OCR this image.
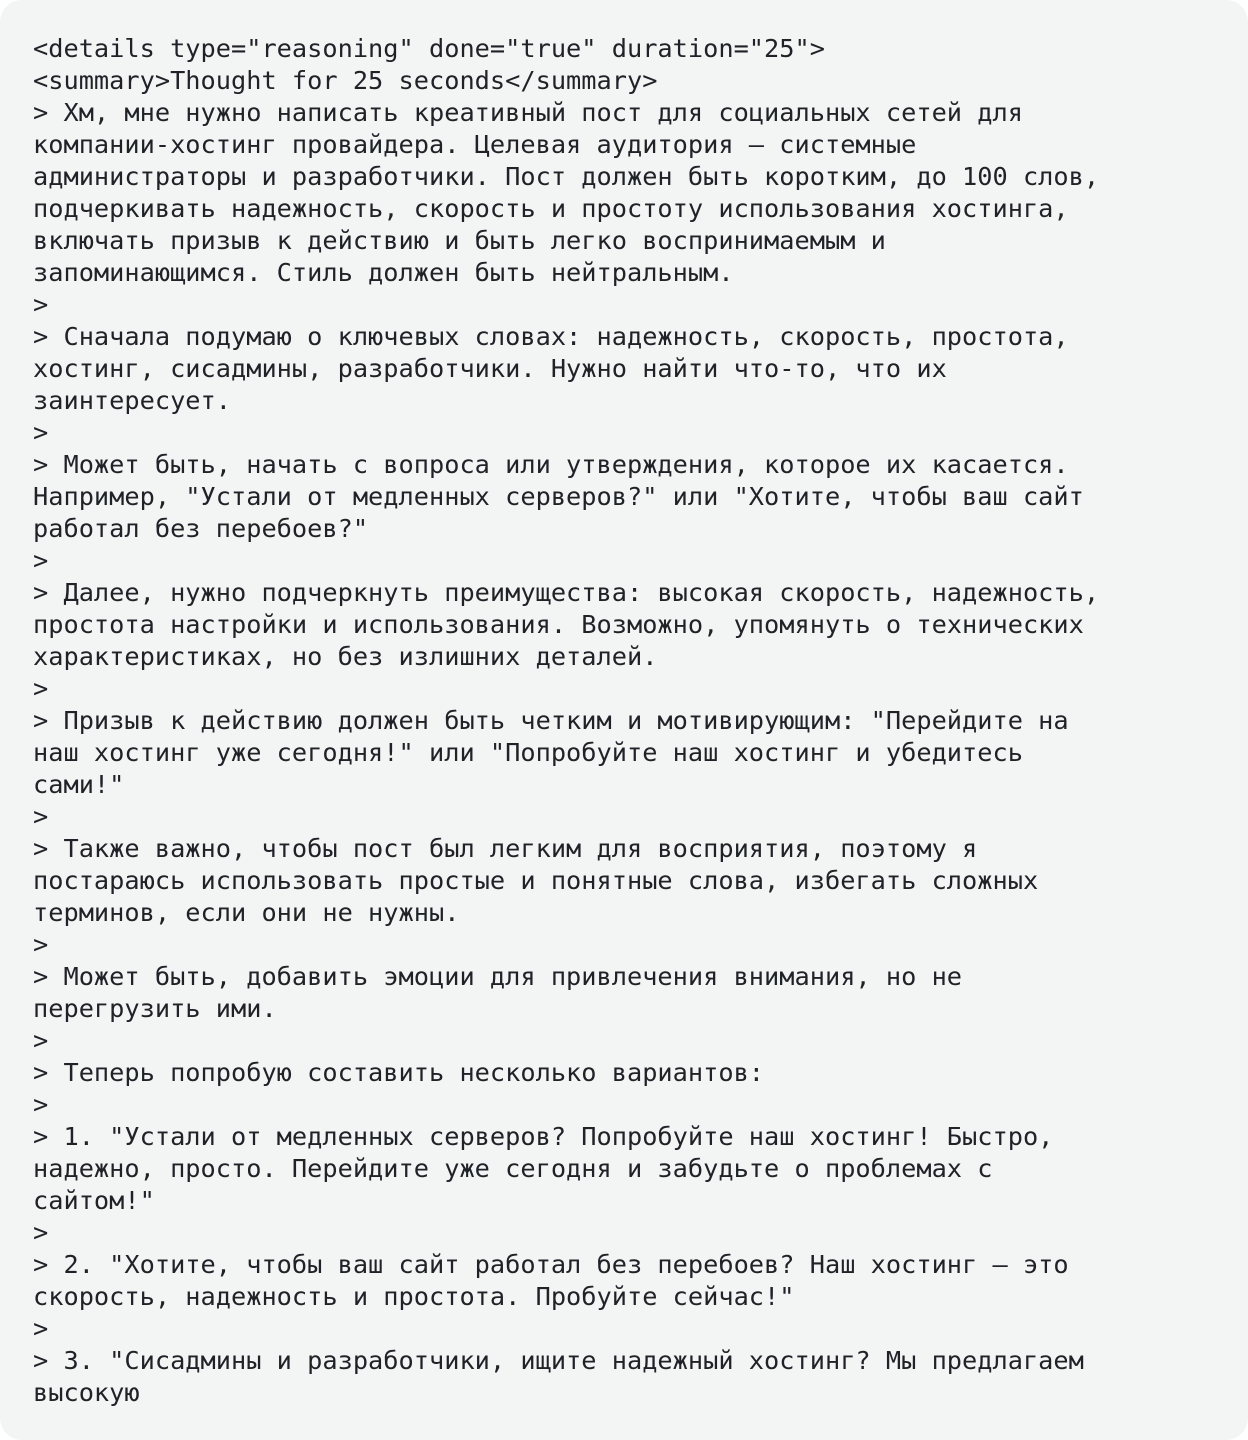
<details type="reasoning" done="true" duration="25">
<summary>Thought for 25 seconds</summary>
> Хм, мне нужно написать креативный пост для социальных сетей для
компании-хостинг провайдера. Целевая аудитория — системные
администраторы и разработчики. Пост должен быть коротким, до 100 слов,
подчеркивать надежность, скорость и простоту использования хостинга,
включать призыв к действию и быть легко воспринимаемым и
запоминающимся. Стиль должен быть нейтральным.
>
> Сначала подумаю о ключевых словах: надежность, скорость, простота,
хостинг, сисадмины, разработчики. Нужно найти что-то, что их
заинтересует.
>
> Может быть, начать с вопроса или утверждения, которое их касается.
Например, "Устали от медленных серверов?" или "Хотите, чтобы ваш сайт
работал без перебоев?"
>
> Далее, нужно подчеркнуть преимущества: высокая скорость, надежность,
простота настройки и использования. Возможно, упомянуть о технических
характеристиках, но без излишних деталей.
>
> Призыв к действию должен быть четким и мотивирующим: "Перейдите на
наш хостинг уже сегодня!" или "Попробуйте наш хостинг и убедитесь
сами!"
>
> Также важно, чтобы пост был легким для восприятия, поэтому я
постараюсь использовать простые и понятные слова, избегать сложных
терминов, если они не нужны.
>
> Может быть, добавить эмоции для привлечения внимания, но не
перегрузить ими.
>
> Теперь попробую составить несколько вариантов:
>
> 1. "Устали от медленных серверов? Попробуйте наш хостинг! Быстро,
надежно, просто. Перейдите уже сегодня и забудьте о проблемах с
сайтом!"
>
> 2. "Хотите, чтобы ваш сайт работал без перебоев? Наш хостинг — это
скорость, надежность и простота. Пробуйте сейчас!"
>
> 3. "Сисадмины и разработчики, ищите надежный хостинг? Мы предлагаем
высокую
